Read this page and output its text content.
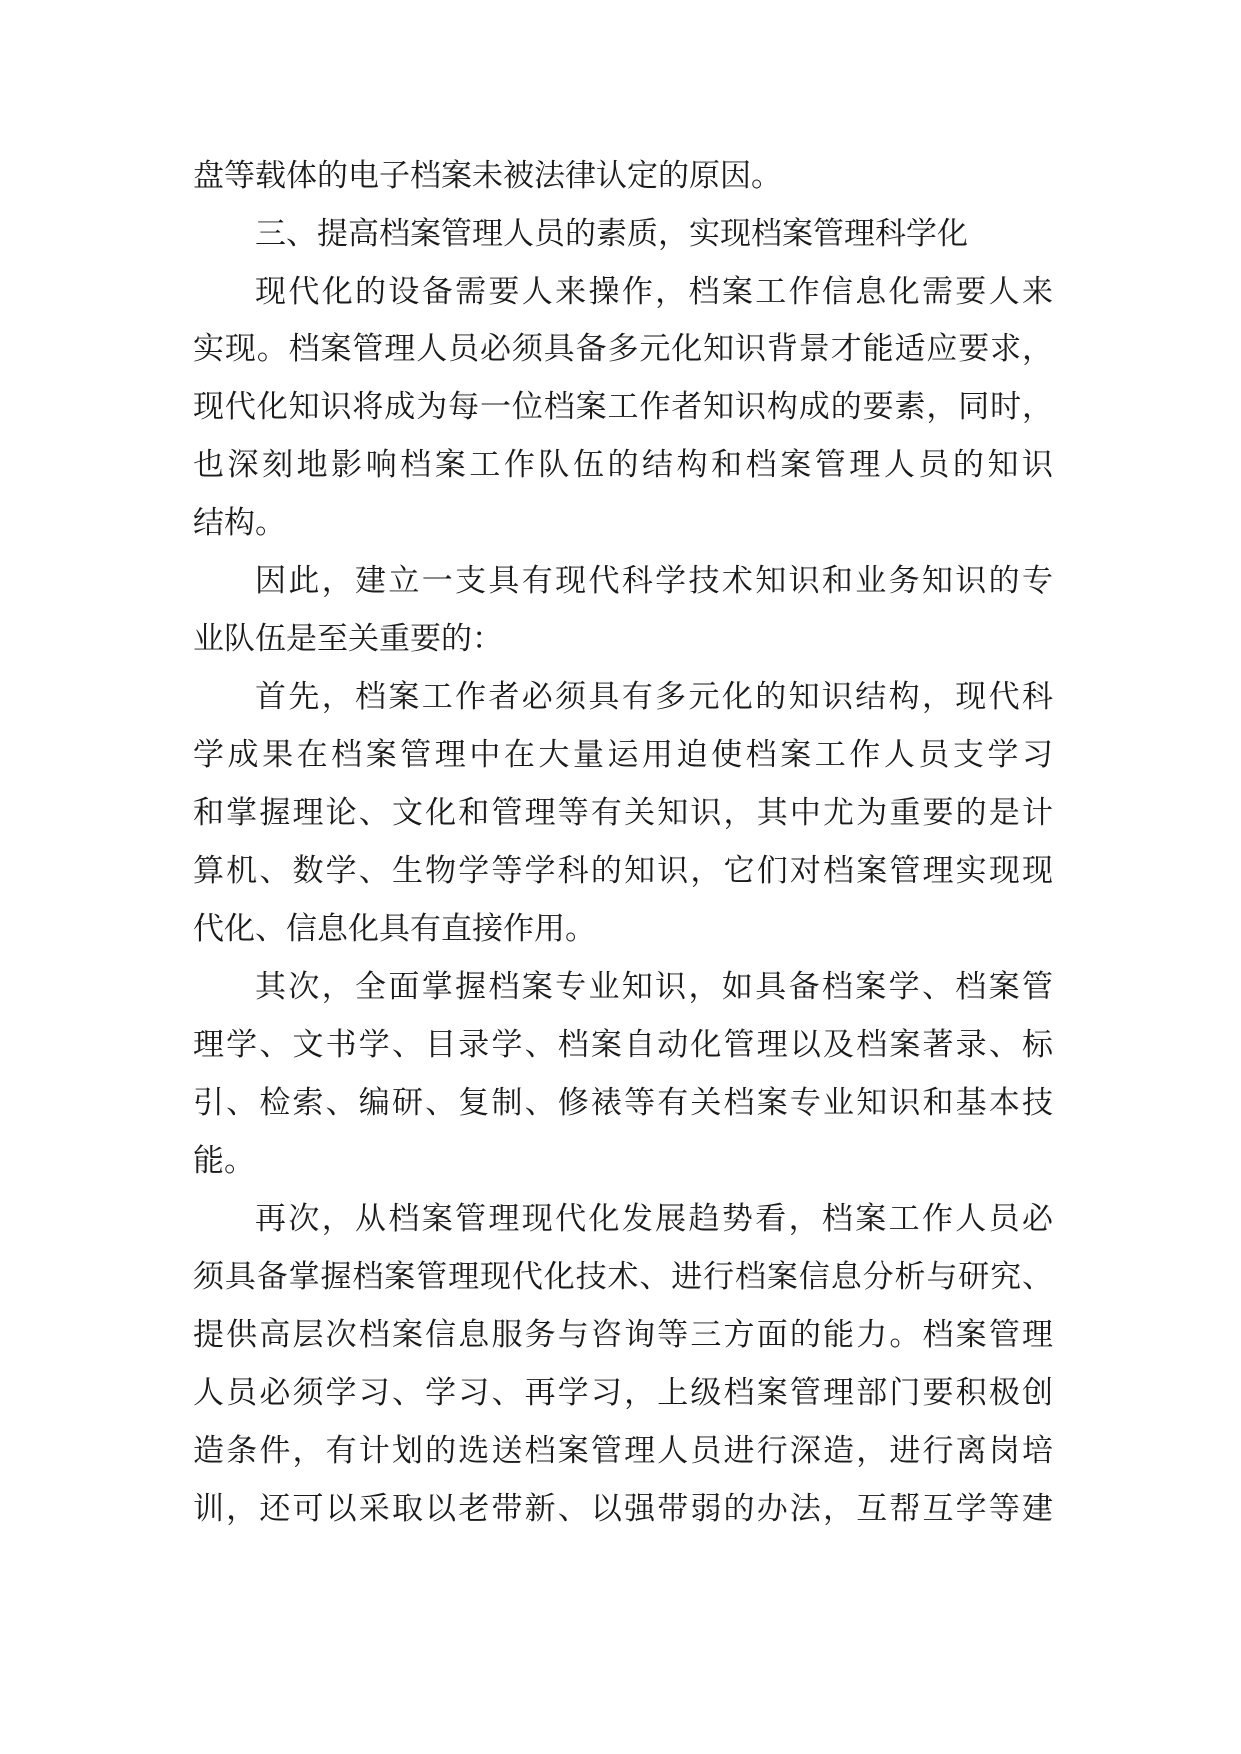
盘等载体的电子档案未被法律认定的原因。
三、提高档案管理人员的素质，实现档案管理科学化
现代化的设备需要人来操作，档案工作信息化需要人来
实现。档案管理人员必须具备多元化知识背景才能适应要求，
现代化知识将成为每一位档案工作者知识构成的要素，同时，
也深刻地影响档案工作队伍的结构和档案管理人员的知识
结构。
因此，建立一支具有现代科学技术知识和业务知识的专
业队伍是至关重要的：
首先，档案工作者必须具有多元化的知识结构，现代科
学成果在档案管理中在大量运用迫使档案工作人员支学习
和掌握理论、文化和管理等有关知识，其中尤为重要的是计
算机、数学、生物学等学科的知识，它们对档案管理实现现
代化、信息化具有直接作用。
其次，全面掌握档案专业知识，如具备档案学、档案管
理学、文书学、目录学、档案自动化管理以及档案著录、标
引、检索、编研、复制、修裱等有关档案专业知识和基本技
能。
再次，从档案管理现代化发展趋势看，档案工作人员必
须具备掌握档案管理现代化技术、进行档案信息分析与研究、
提供高层次档案信息服务与咨询等三方面的能力。档案管理
人员必须学习、学习、再学习，上级档案管理部门要积极创
造条件，有计划的选送档案管理人员进行深造，进行离岗培
训，还可以采取以老带新、以强带弱的办法，互帮互学等建
